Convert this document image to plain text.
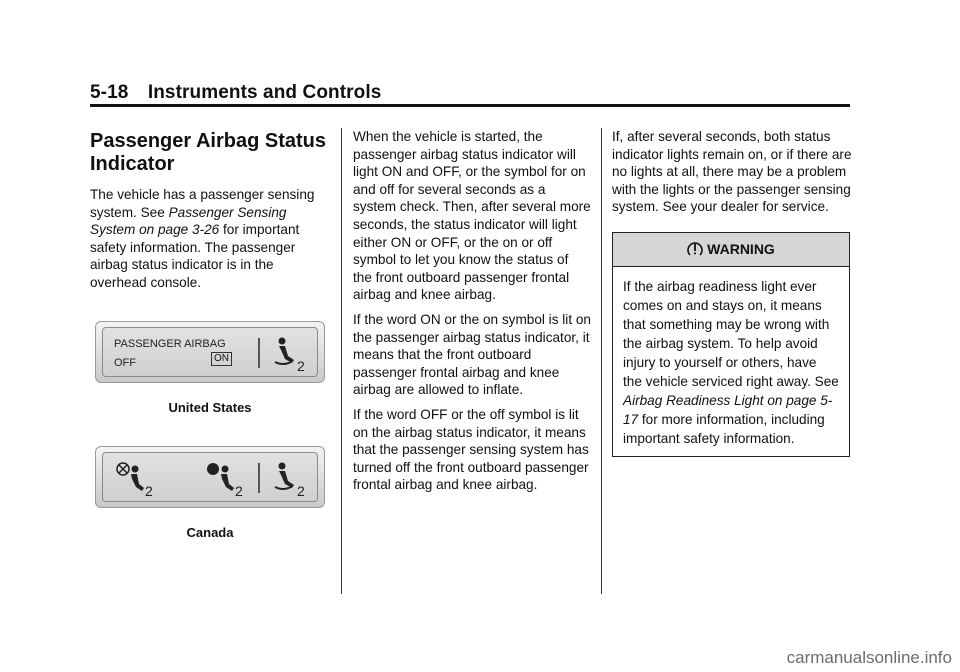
5-18 Instruments and Controls
Passenger Airbag Status Indicator

The vehicle has a passenger sensing system. See Passenger Sensing System on page 3-26 for important safety information. The passenger airbag status indicator is in the overhead console.

PASSENGER AIRBAG
OFF	ON	2
United States
2	2	2
Canada

When the vehicle is started, the passenger airbag status indicator will light ON and OFF, or the symbol for on and off for several seconds as a system check. Then, after several more seconds, the status indicator will light either ON or OFF, or the on or off symbol to let you know the status of the front outboard passenger frontal airbag and knee airbag.

If the word ON or the on symbol is lit on the passenger airbag status indicator, it means that the front outboard passenger frontal airbag and knee airbag are allowed to inflate.

If the word OFF or the off symbol is lit on the airbag status indicator, it means that the passenger sensing system has turned off the front outboard passenger frontal airbag and knee airbag.

If, after several seconds, both status indicator lights remain on, or if there are no lights at all, there may be a problem with the lights or the passenger sensing system. See your dealer for service.

WARNING
If the airbag readiness light ever comes on and stays on, it means that something may be wrong with the airbag system. To help avoid injury to yourself or others, have the vehicle serviced right away. See Airbag Readiness Light on page 5-17 for more information, including important safety information.
carmanualsonline.info
